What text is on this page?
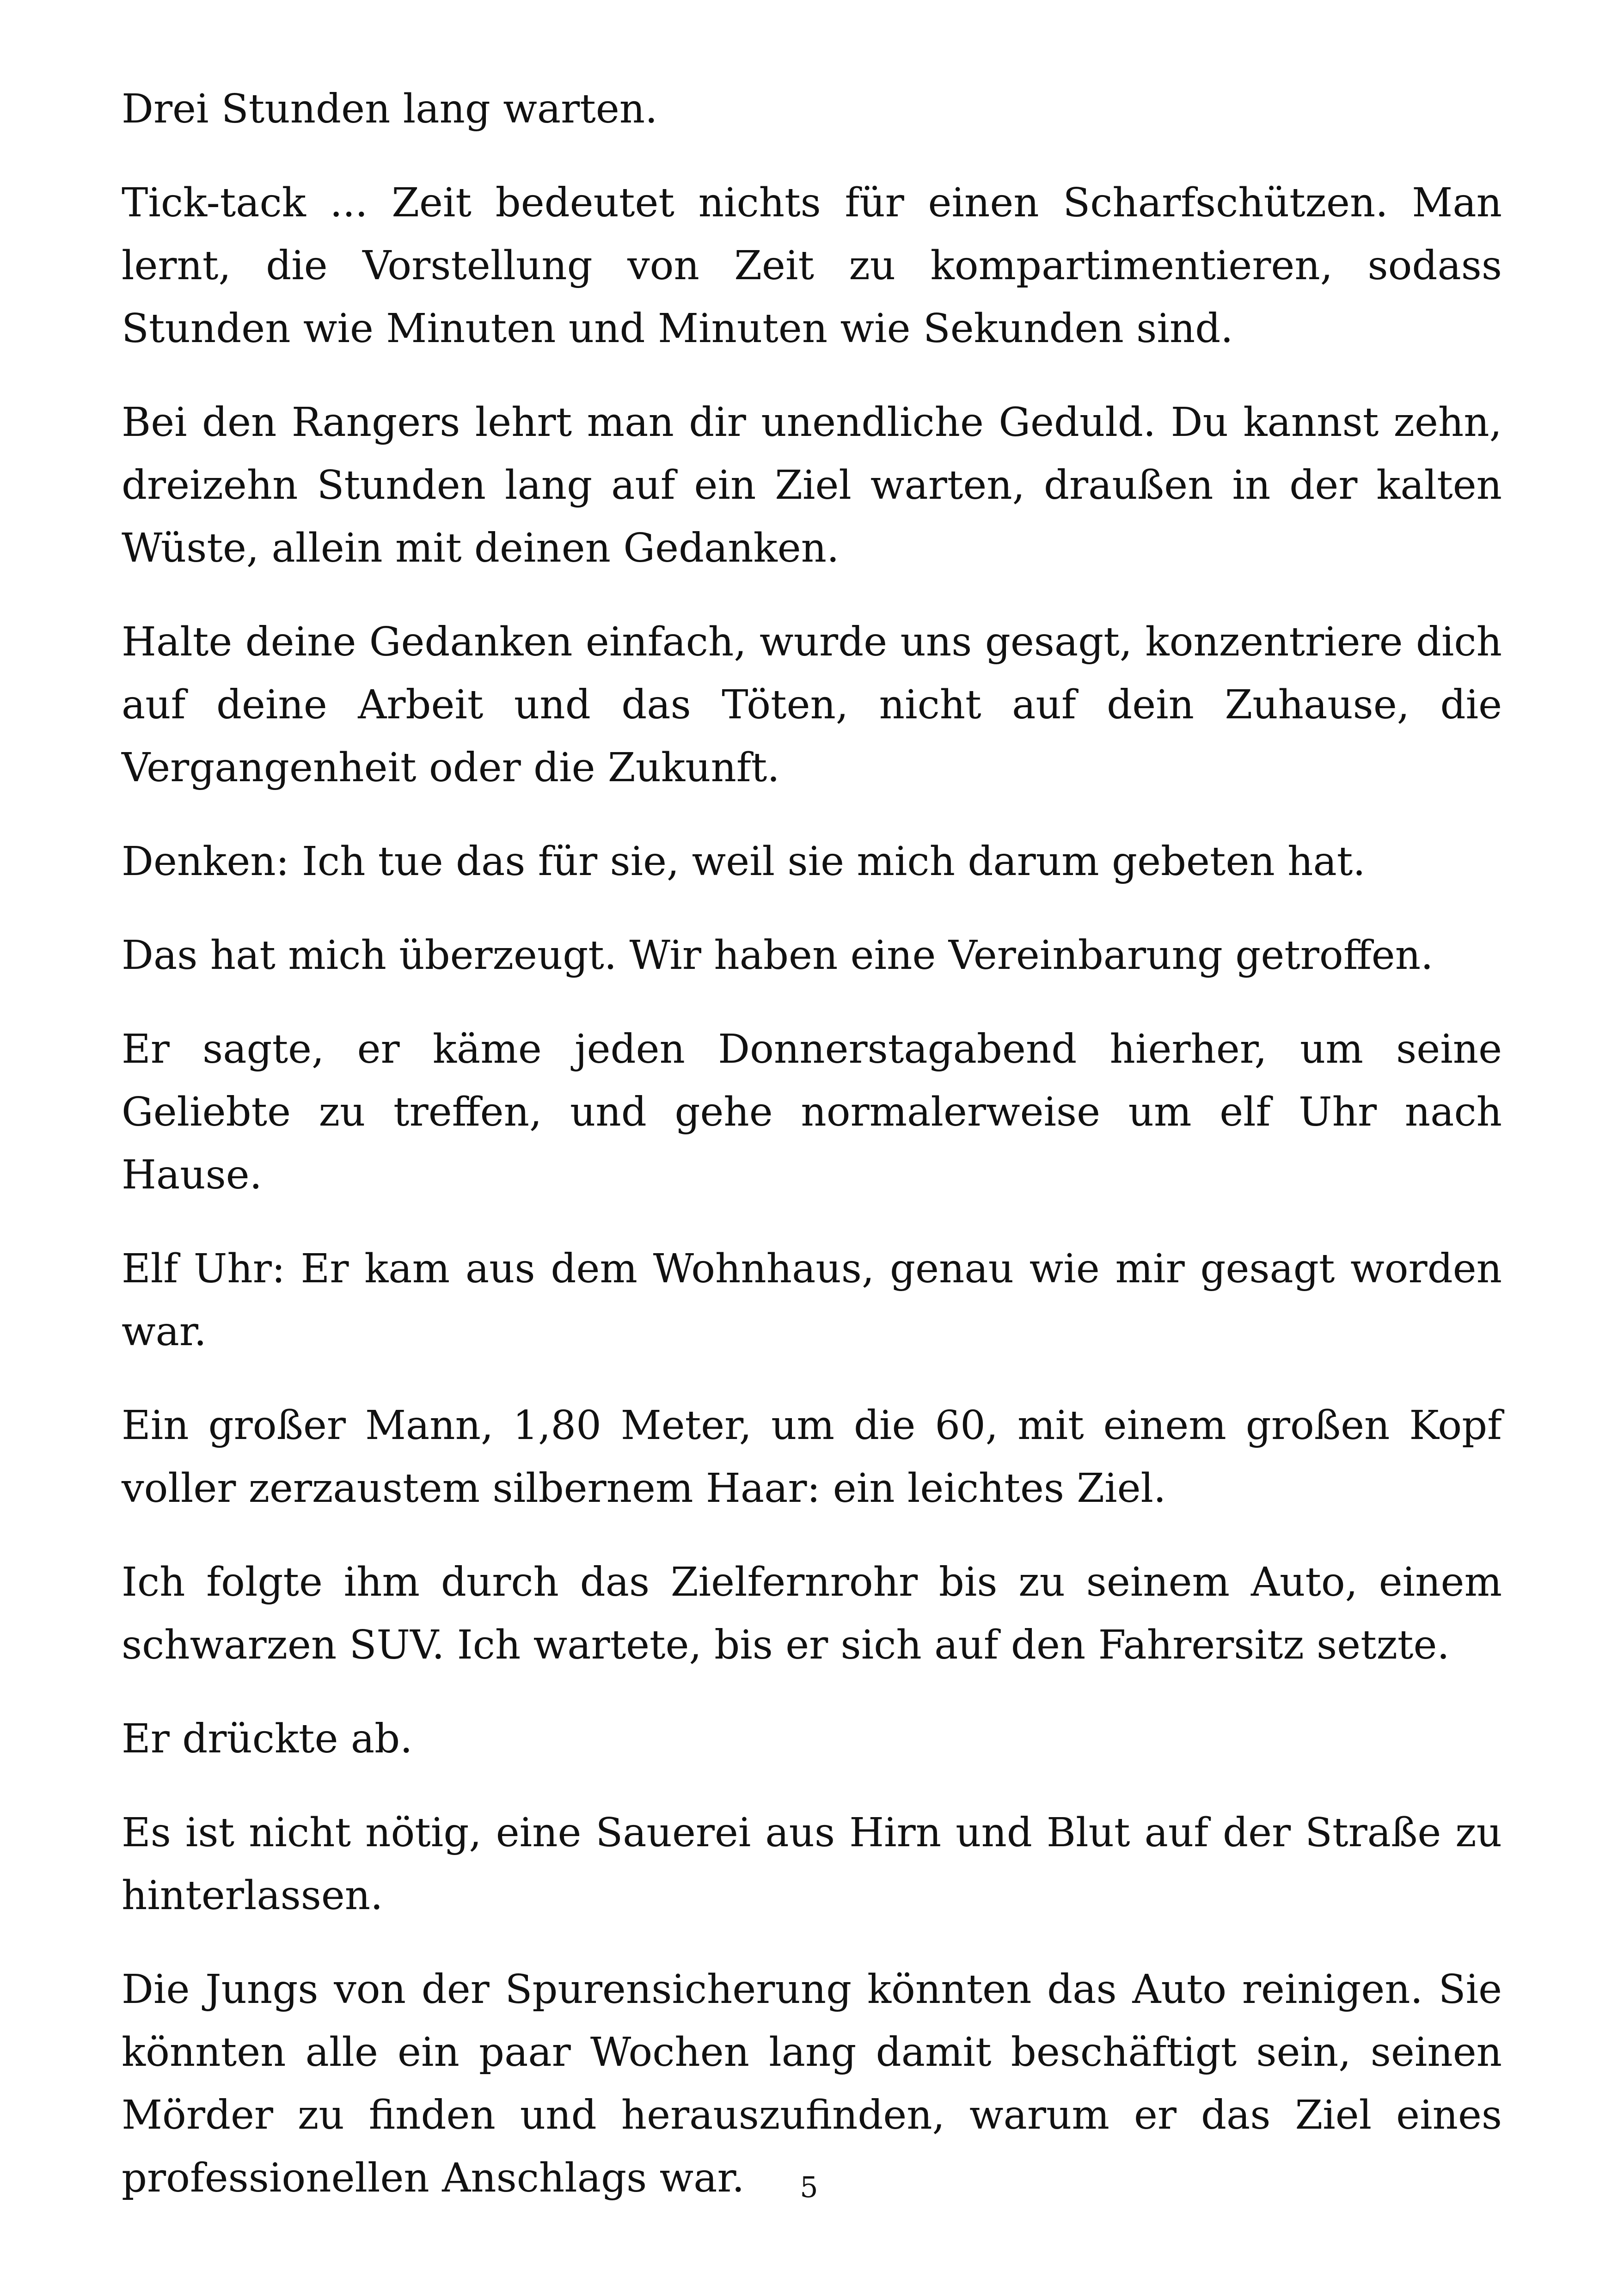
Drei Stunden lang warten.

Tick-tack ... Zeit bedeutet nichts für einen Scharfschützen. Man lernt, die Vorstellung von Zeit zu kompartimentieren, sodass Stunden wie Minuten und Minuten wie Sekunden sind.

Bei den Rangers lehrt man dir unendliche Geduld. Du kannst zehn, dreizehn Stunden lang auf ein Ziel warten, draußen in der kalten Wüste, allein mit deinen Gedanken.

Halte deine Gedanken einfach, wurde uns gesagt, konzentriere dich auf deine Arbeit und das Töten, nicht auf dein Zuhause, die Vergangenheit oder die Zukunft.

Denken: Ich tue das für sie, weil sie mich darum gebeten hat.

Das hat mich überzeugt. Wir haben eine Vereinbarung getroffen.

Er sagte, er käme jeden Donnerstagabend hierher, um seine Geliebte zu treffen, und gehe normalerweise um elf Uhr nach Hause.

Elf Uhr: Er kam aus dem Wohnhaus, genau wie mir gesagt worden war.

Ein großer Mann, 1,80 Meter, um die 60, mit einem großen Kopf voller zerzaustem silbernem Haar: ein leichtes Ziel.

Ich folgte ihm durch das Zielfernrohr bis zu seinem Auto, einem schwarzen SUV. Ich wartete, bis er sich auf den Fahrersitz setzte.

Er drückte ab.

Es ist nicht nötig, eine Sauerei aus Hirn und Blut auf der Straße zu hinterlassen.

Die Jungs von der Spurensicherung könnten das Auto reinigen. Sie könnten alle ein paar Wochen lang damit beschäftigt sein, seinen Mörder zu finden und herauszufinden, warum er das Ziel eines professionellen Anschlags war.	5
